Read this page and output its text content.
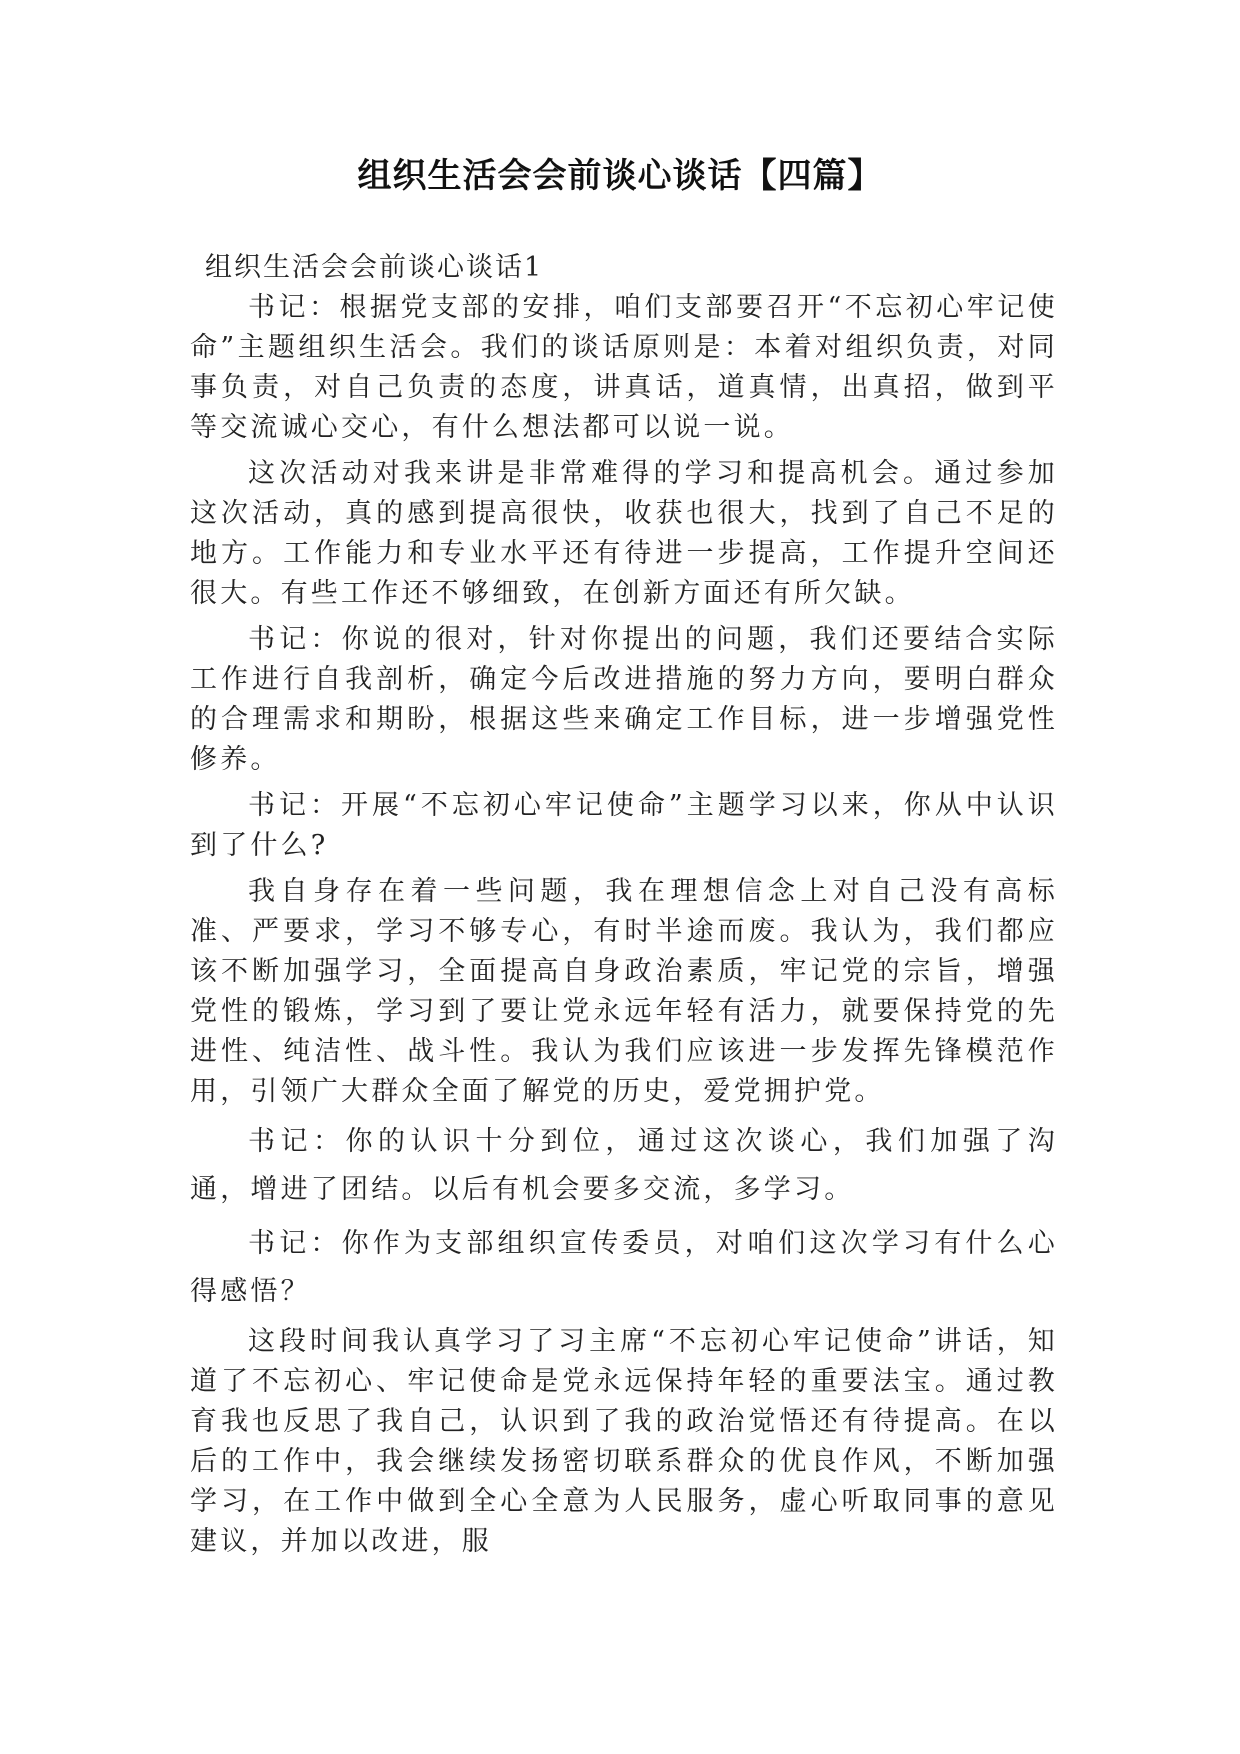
组织生活会会前谈心谈话【四篇】

组织生活会会前谈心谈话1

书记：根据党支部的安排，咱们支部要召开“不忘初心牢记使命”主题组织生活会。我们的谈话原则是：本着对组织负责，对同事负责，对自己负责的态度，讲真话，道真情，出真招，做到平等交流诚心交心，有什么想法都可以说一说。

这次活动对我来讲是非常难得的学习和提高机会。通过参加这次活动，真的感到提高很快，收获也很大，找到了自己不足的地方。工作能力和专业水平还有待进一步提高，工作提升空间还很大。有些工作还不够细致，在创新方面还有所欠缺。

书记：你说的很对，针对你提出的问题，我们还要结合实际工作进行自我剖析，确定今后改进措施的努力方向，要明白群众的合理需求和期盼，根据这些来确定工作目标，进一步增强党性修养。

书记：开展“不忘初心牢记使命”主题学习以来，你从中认识到了什么?

我自身存在着一些问题，我在理想信念上对自己没有高标准、严要求，学习不够专心，有时半途而废。我认为，我们都应该不断加强学习，全面提高自身政治素质，牢记党的宗旨，增强党性的锻炼，学习到了要让党永远年轻有活力，就要保持党的先进性、纯洁性、战斗性。我认为我们应该进一步发挥先锋模范作用，引领广大群众全面了解党的历史，爱党拥护党。

书记：你的认识十分到位，通过这次谈心，我们加强了沟通，增进了团结。以后有机会要多交流，多学习。

书记：你作为支部组织宣传委员，对咱们这次学习有什么心得感悟？

这段时间我认真学习了习主席“不忘初心牢记使命”讲话，知道了不忘初心、牢记使命是党永远保持年轻的重要法宝。通过教育我也反思了我自己，认识到了我的政治觉悟还有待提高。在以后的工作中，我会继续发扬密切联系群众的优良作风，不断加强学习，在工作中做到全心全意为人民服务，虚心听取同事的意见建议，并加以改进，服
